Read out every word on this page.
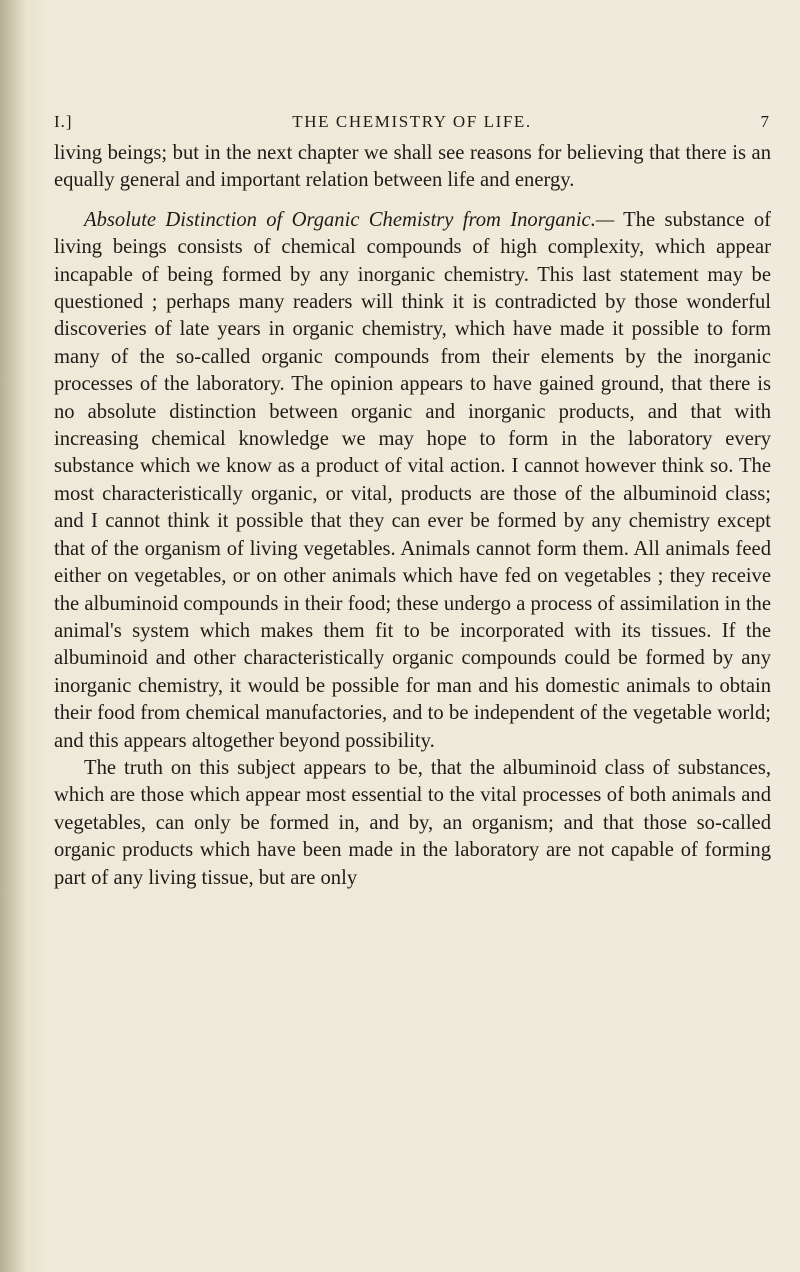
I.]	THE CHEMISTRY OF LIFE.	7

living beings; but in the next chapter we shall see reasons for believing that there is an equally general and important relation between life and energy.

Absolute Distinction of Organic Chemistry from Inorganic.— The substance of living beings consists of chemical compounds of high complexity, which appear incapable of being formed by any inorganic chemistry. This last statement may be questioned ; perhaps many readers will think it is contradicted by those wonderful discoveries of late years in organic chemistry, which have made it possible to form many of the so-called organic compounds from their elements by the inorganic processes of the laboratory. The opinion appears to have gained ground, that there is no absolute distinction between organic and inorganic products, and that with increasing chemical knowledge we may hope to form in the laboratory every substance which we know as a product of vital action. I cannot however think so. The most characteristically organic, or vital, products are those of the albuminoid class; and I cannot think it possible that they can ever be formed by any chemistry except that of the organism of living vegetables. Animals cannot form them. All animals feed either on vegetables, or on other animals which have fed on vegetables ; they receive the albuminoid compounds in their food; these undergo a process of assimilation in the animal's system which makes them fit to be incorporated with its tissues. If the albuminoid and other characteristically organic compounds could be formed by any inorganic chemistry, it would be possible for man and his domestic animals to obtain their food from chemical manufactories, and to be independent of the vegetable world; and this appears altogether beyond possibility.

The truth on this subject appears to be, that the albuminoid class of substances, which are those which appear most essential to the vital processes of both animals and vegetables, can only be formed in, and by, an organism; and that those so-called organic products which have been made in the laboratory are not capable of forming part of any living tissue, but are only
